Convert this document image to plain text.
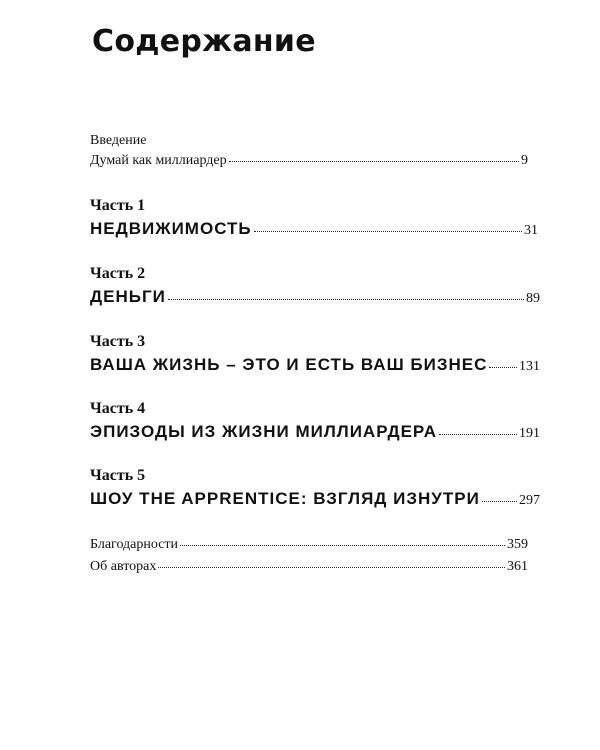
Содержание
Введение
Думай как миллиардер	9
Часть 1
НЕДВИЖИМОСТЬ	31
Часть 2
ДЕНЬГИ	89
Часть 3
ВАША ЖИЗНЬ – ЭТО И ЕСТЬ ВАШ БИЗНЕС 131
Часть 4
ЭПИЗОДЫ ИЗ ЖИЗНИ МИЛЛИАРДЕРА	191
Часть 5
ШОУ THE APPRENTICE: ВЗГЛЯД ИЗНУТРИ	297
Благодарности	359
Об авторах	361
